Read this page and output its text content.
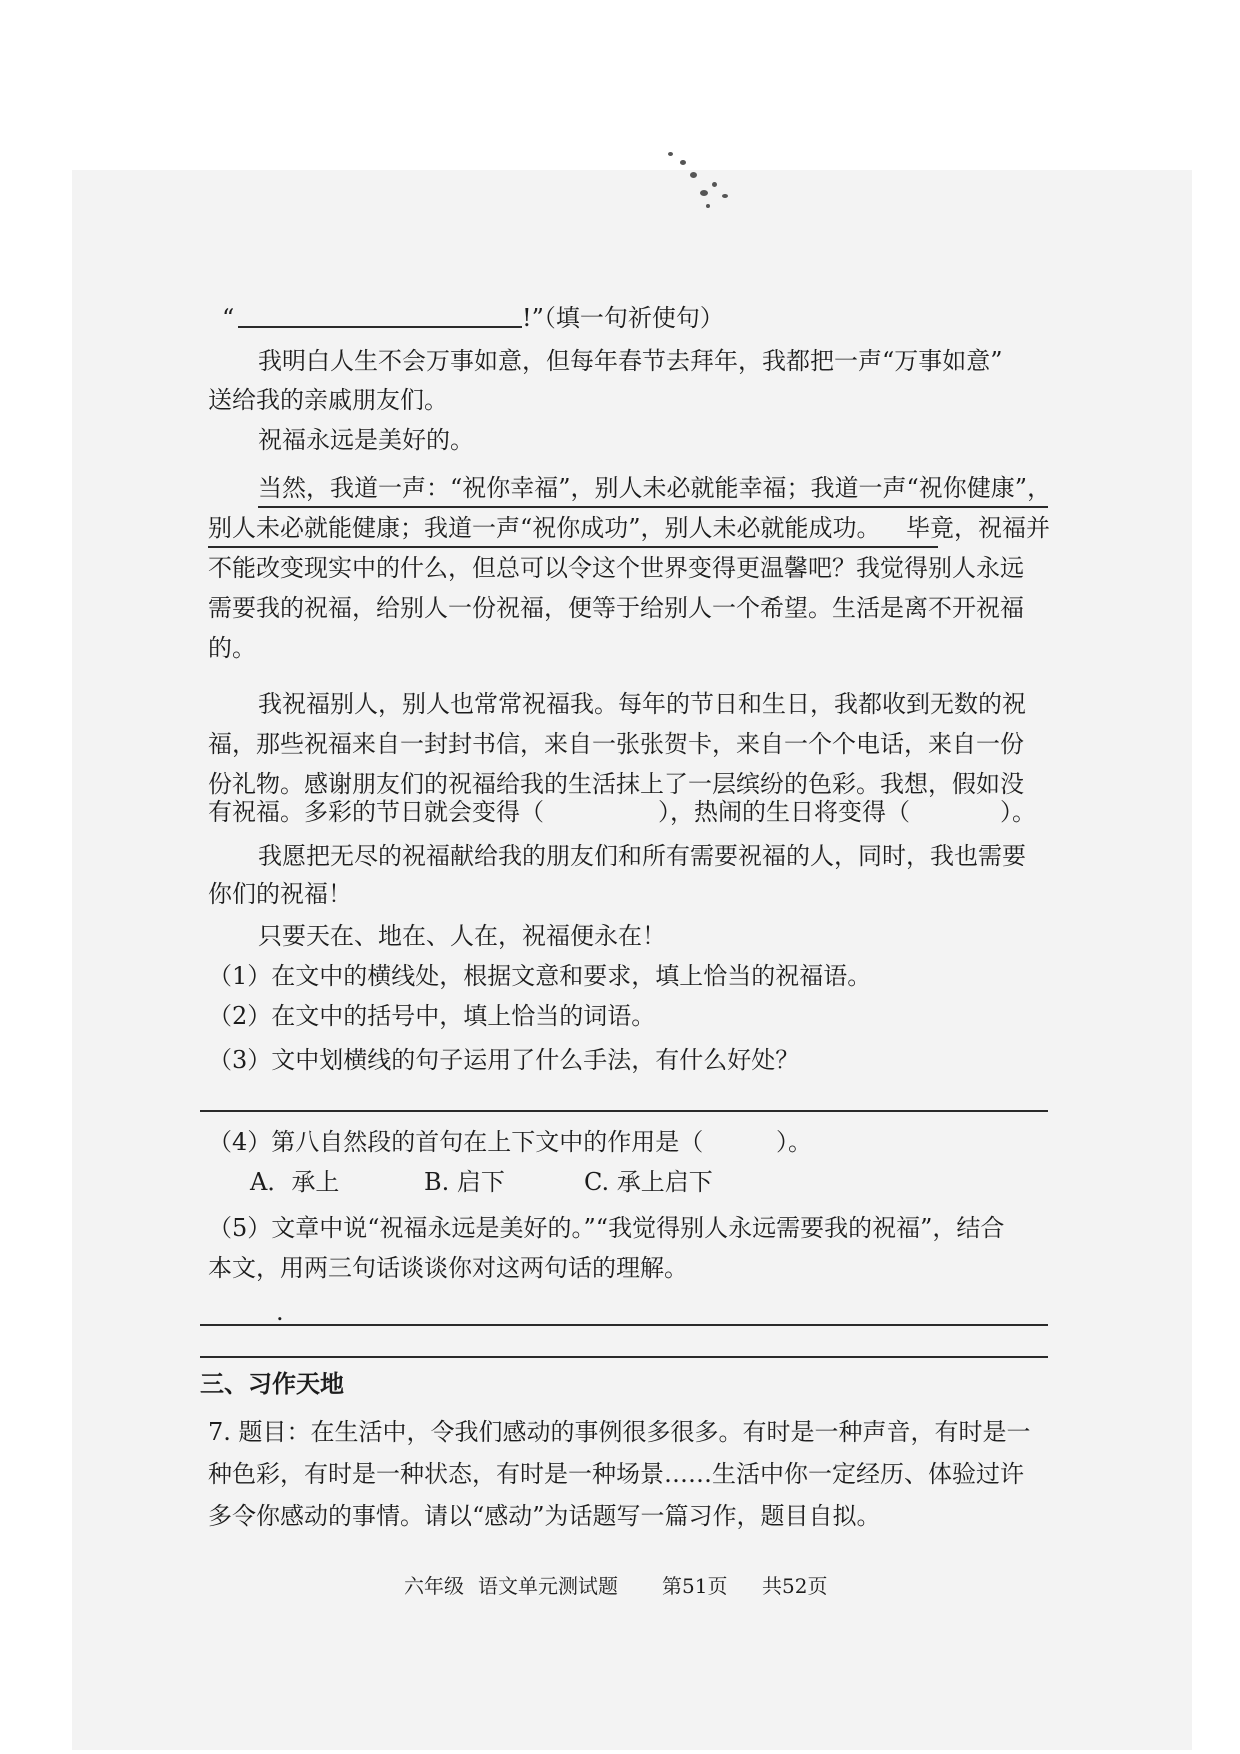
“	!”（填一句祈使句）
我明白人生不会万事如意，但每年春节去拜年，我都把一声“万事如意”
送给我的亲戚朋友们。
祝福永远是美好的。
当然，我道一声：“祝你幸福”，别人未必就能幸福；我道一声“祝你健康”，
别人未必就能健康；我道一声“祝你成功”，别人未必就能成功。 毕竟，祝福并
不能改变现实中的什么，但总可以令这个世界变得更温馨吧？我觉得别人永远
需要我的祝福，给别人一份祝福，便等于给别人一个希望。生活是离不开祝福
的。
我祝福别人，别人也常常祝福我。每年的节日和生日，我都收到无数的祝
福，那些祝福来自一封封书信，来自一张张贺卡，来自一个个电话，来自一份
份礼物。感谢朋友们的祝福给我的生活抹上了一层缤纷的色彩。我想，假如没
有祝福。多彩的节日就会变得（	），热闹的生日将变得（	）。
我愿把无尽的祝福献给我的朋友们和所有需要祝福的人，同时，我也需要
你们的祝福！
只要天在、地在、人在，祝福便永在！
（1）在文中的横线处，根据文意和要求，填上恰当的祝福语。
（2）在文中的括号中，填上恰当的词语。
（3）文中划横线的句子运用了什么手法，有什么好处？
（4）第八自然段的首句在上下文中的作用是（	）。
A．承上	B. 启下	C. 承上启下
（5）文章中说“祝福永远是美好的。”“我觉得别人永远需要我的祝福”，结合
本文，用两三句话谈谈你对这两句话的理解。
.
三、习作天地
7. 题目：在生活中，令我们感动的事例很多很多。有时是一种声音，有时是一
种色彩，有时是一种状态，有时是一种场景……生活中你一定经历、体验过许
多令你感动的事情。请以“感动”为话题写一篇习作，题目自拟。
六年级 语文单元测试题 第51页 共52页
